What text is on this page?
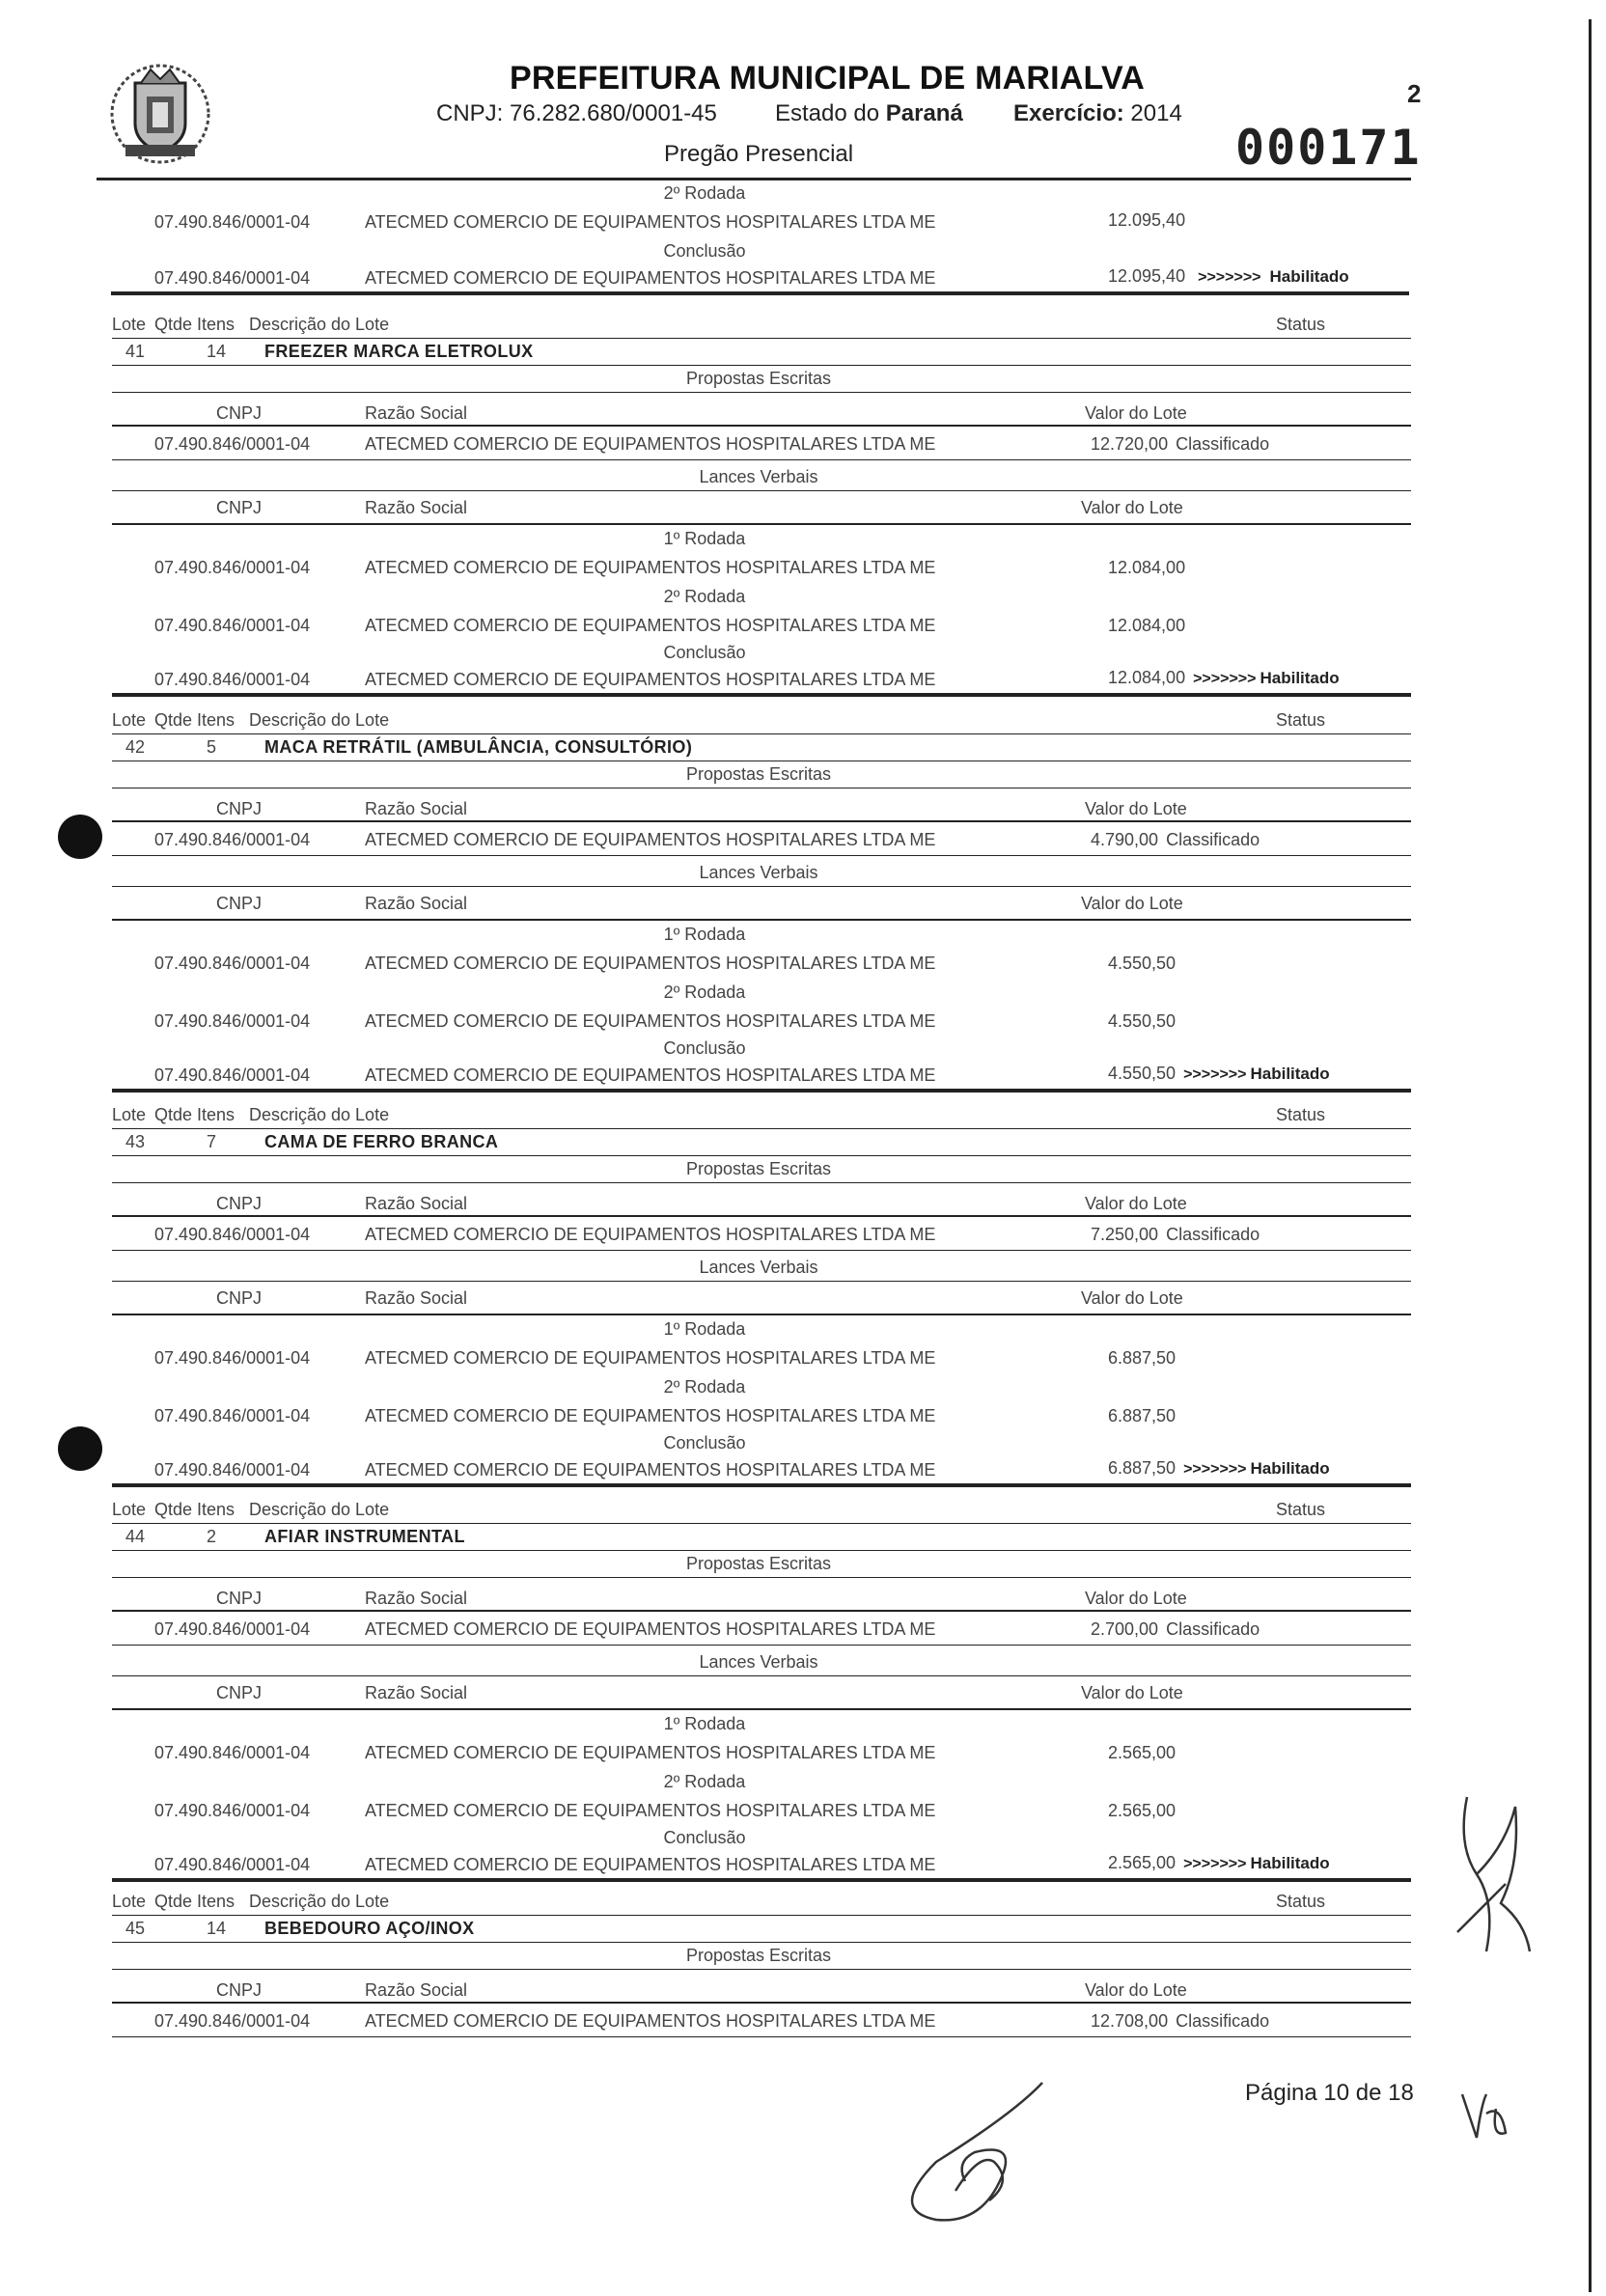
PREFEITURA MUNICIPAL DE MARIALVA
CNPJ: 76.282.680/0001-45	Estado do Paraná Exercício: 2014
Pregão Presencial	000171
2
2º Rodada
07.490.846/0001-04	ATECMED COMERCIO DE EQUIPAMENTOS HOSPITALARES LTDA ME	12.095,40
Conclusão
07.490.846/0001-04	ATECMED COMERCIO DE EQUIPAMENTOS HOSPITALARES LTDA ME	12.095,40 >>>>>>> Habilitado
Lote Qtde Itens Descrição do Lote	Status
41	14 FREEZER MARCA ELETROLUX
Propostas Escritas
CNPJ	Razão Social	Valor do Lote
07.490.846/0001-04	ATECMED COMERCIO DE EQUIPAMENTOS HOSPITALARES LTDA ME	12.720,00 Classificado
Lances Verbais
CNPJ	Razão Social	Valor do Lote
1º Rodada
07.490.846/0001-04	ATECMED COMERCIO DE EQUIPAMENTOS HOSPITALARES LTDA ME	12.084,00
2º Rodada
07.490.846/0001-04	ATECMED COMERCIO DE EQUIPAMENTOS HOSPITALARES LTDA ME	12.084,00
Conclusão
07.490.846/0001-04	ATECMED COMERCIO DE EQUIPAMENTOS HOSPITALARES LTDA ME	12.084,00 >>>>>>> Habilitado
Lote Qtde Itens Descrição do Lote	Status
42	5	MACA RETRÁTIL (AMBULÂNCIA, CONSULTÓRIO)
Propostas Escritas
CNPJ	Razão Social	Valor do Lote
07.490.846/0001-04	ATECMED COMERCIO DE EQUIPAMENTOS HOSPITALARES LTDA ME	4.790,00 Classificado
Lances Verbais
CNPJ	Razão Social	Valor do Lote
1º Rodada
07.490.846/0001-04	ATECMED COMERCIO DE EQUIPAMENTOS HOSPITALARES LTDA ME	4.550,50
2º Rodada
07.490.846/0001-04	ATECMED COMERCIO DE EQUIPAMENTOS HOSPITALARES LTDA ME	4.550,50
Conclusão
07.490.846/0001-04	ATECMED COMERCIO DE EQUIPAMENTOS HOSPITALARES LTDA ME	4.550,50 >>>>>>> Habilitado
Lote Qtde Itens Descrição do Lote	Status
43	7	CAMA DE FERRO BRANCA
Propostas Escritas
CNPJ	Razão Social	Valor do Lote
07.490.846/0001-04	ATECMED COMERCIO DE EQUIPAMENTOS HOSPITALARES LTDA ME	7.250,00 Classificado
Lances Verbais
CNPJ	Razão Social	Valor do Lote
1º Rodada
07.490.846/0001-04	ATECMED COMERCIO DE EQUIPAMENTOS HOSPITALARES LTDA ME	6.887,50
2º Rodada
07.490.846/0001-04	ATECMED COMERCIO DE EQUIPAMENTOS HOSPITALARES LTDA ME	6.887,50
Conclusão
07.490.846/0001-04	ATECMED COMERCIO DE EQUIPAMENTOS HOSPITALARES LTDA ME	6.887,50 >>>>>>> Habilitado
Lote Qtde Itens Descrição do Lote	Status
44	2	AFIAR INSTRUMENTAL
Propostas Escritas
CNPJ	Razão Social	Valor do Lote
07.490.846/0001-04	ATECMED COMERCIO DE EQUIPAMENTOS HOSPITALARES LTDA ME	2.700,00 Classificado
Lances Verbais
CNPJ	Razão Social	Valor do Lote
1º Rodada
07.490.846/0001-04	ATECMED COMERCIO DE EQUIPAMENTOS HOSPITALARES LTDA ME	2.565,00
2º Rodada
07.490.846/0001-04	ATECMED COMERCIO DE EQUIPAMENTOS HOSPITALARES LTDA ME	2.565,00
Conclusão
07.490.846/0001-04	ATECMED COMERCIO DE EQUIPAMENTOS HOSPITALARES LTDA ME	2.565,00 >>>>>>> Habilitado
Lote Qtde Itens Descrição do Lote	Status
45	14 BEBEDOURO AÇO/INOX
Propostas Escritas
CNPJ	Razão Social	Valor do Lote
07.490.846/0001-04	ATECMED COMERCIO DE EQUIPAMENTOS HOSPITALARES LTDA ME	12.708,00 Classificado
Página 10 de 18
